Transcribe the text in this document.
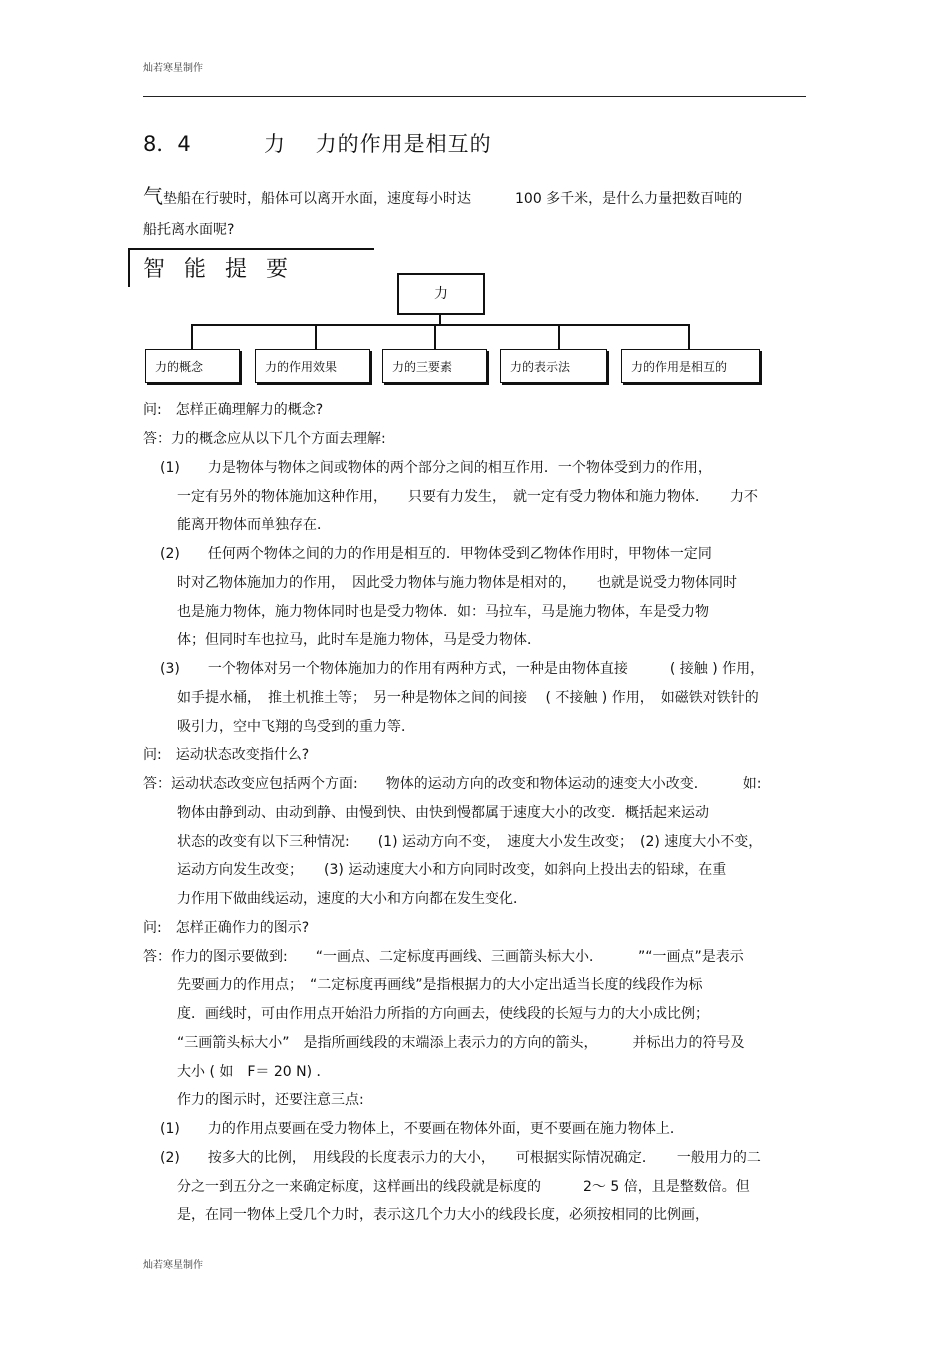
灿若寒星制作
8．4	力 　力的作用是相互的
气垫船在行驶时，船体可以离开水面，速度每小时达	100 多千米，是什么力量把数百吨的
船托离水面呢?
智能提要
力
力的概念	力的作用效果	力的三要素	力的表示法	力的作用是相互的
问:　怎样正确理解力的概念?
答：力的概念应从以下几个方面去理解:
(1)　　力是物体与物体之间或物体的两个部分之间的相互作用．一个物体受到力的作用，
一定有另外的物体施加这种作用，　　只要有力发生，　就一定有受力物体和施力物体．　　力不
能离开物体而单独存在．
(2)　　任何两个物体之间的力的作用是相互的．甲物体受到乙物体作用时，甲物体一定同
时对乙物体施加力的作用，　因此受力物体与施力物体是相对的，　　也就是说受力物体同时
也是施力物体，施力物体同时也是受力物体．如：马拉车，马是施力物体，车是受力物
体；但同时车也拉马，此时车是施力物体，马是受力物体．
(3)　　一个物体对另一个物体施加力的作用有两种方式，一种是由物体直接　　　( 接触 ) 作用，
如手提水桶，　推土机推土等；　另一种是物体之间的间接　 ( 不接触 ) 作用，　如磁铁对铁针的
吸引力，空中飞翔的鸟受到的重力等．
问:　运动状态改变指什么?
答：运动状态改变应包括两个方面:　　物体的运动方向的改变和物体运动的速变大小改变．　　　如:
物体由静到动、由动到静、由慢到快、由快到慢都属于速度大小的改变．概括起来运动
状态的改变有以下三种情况:　　(1) 运动方向不变，　速度大小发生改变；　(2) 速度大小不变，
运动方向发生改变；　　(3) 运动速度大小和方向同时改变，如斜向上投出去的铅球，在重
力作用下做曲线运动，速度的大小和方向都在发生变化．
问:　怎样正确作力的图示?
答：作力的图示要做到:　　“一画点、二定标度再画线、三画箭头标大小．　　　”“一画点”是表示
先要画力的作用点；　“二定标度再画线”是指根据力的大小定出适当长度的线段作为标
度．画线时，可由作用点开始沿力所指的方向画去，使线段的长短与力的大小成比例；
“三画箭头标大小”　是指所画线段的末端添上表示力的方向的箭头，　　　并标出力的符号及
大小 ( 如　F＝ 20 N) ．
作力的图示时，还要注意三点:
(1)　　力的作用点要画在受力物体上，不要画在物体外面，更不要画在施力物体上．
(2)　　按多大的比例，　用线段的长度表示力的大小，　　可根据实际情况确定．　　一般用力的二
分之一到五分之一来确定标度，这样画出的线段就是标度的　　　2～ 5 倍，且是整数倍。但
是，在同一物体上受几个力时，表示这几个力大小的线段长度，必须按相同的比例画，
灿若寒星制作
